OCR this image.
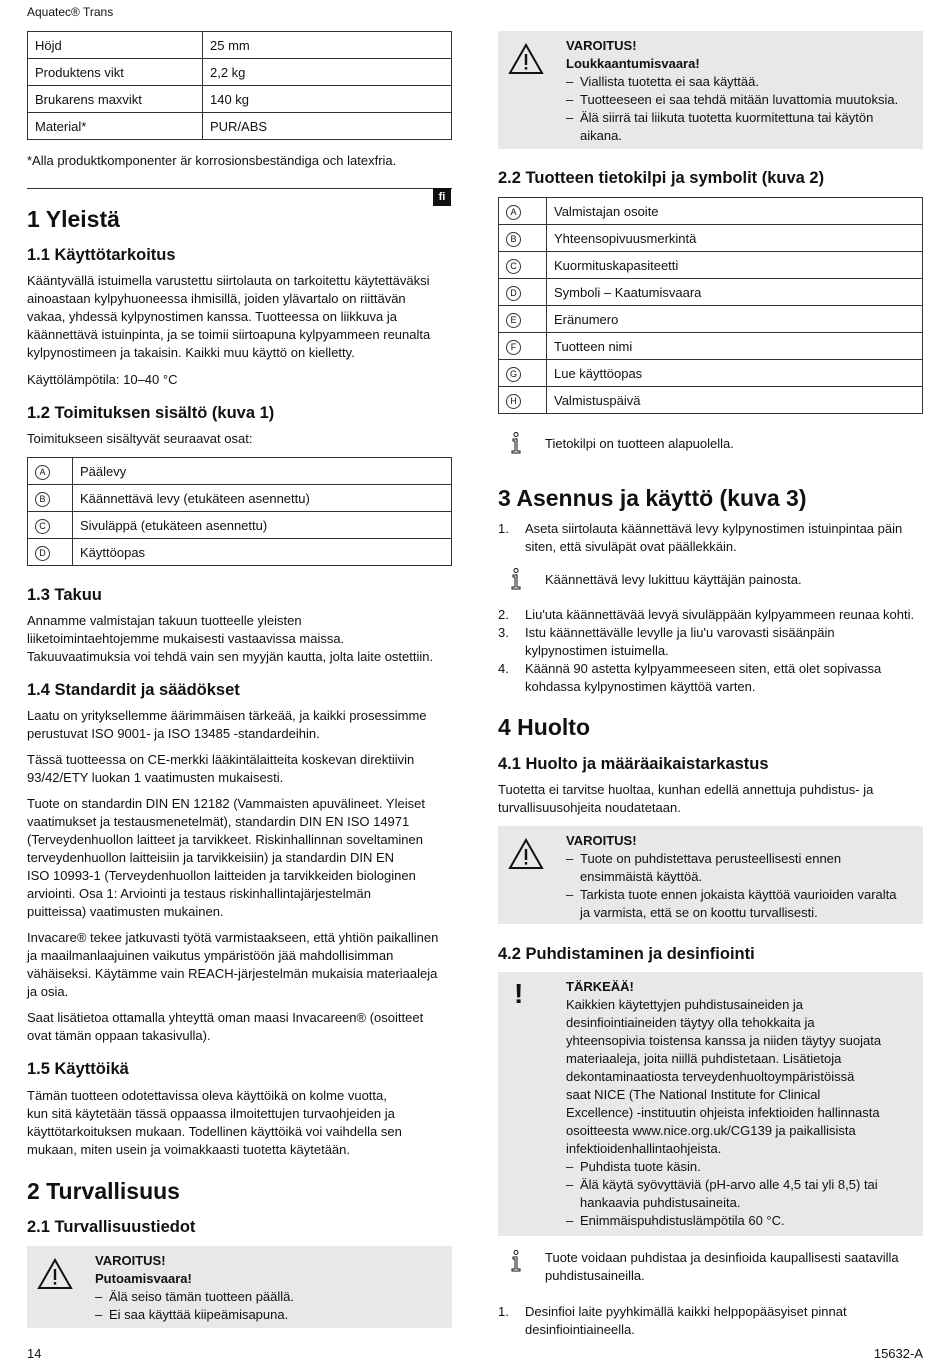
Aquatec® Trans
Höjd	25 mm
Produktens vikt	2,2 kg
Brukarens maxvikt	140 kg
Material*	PUR/ABS

*Alla produktkomponenter är korrosionsbeständiga och latexfria.

fi
1 Yleistä
1.1 Käyttötarkoitus

Kääntyvällä istuimella varustettu siirtolauta on tarkoitettu käytettäväksi

ainoastaan kylpyhuoneessa ihmisillä, joiden ylävartalo on riittävän

vakaa, yhdessä kylpynostimen kanssa. Tuotteessa on liikkuva ja

käännettävä istuinpinta, ja se toimii siirtoapuna kylpyammeen reunalta

kylpynostimeen ja takaisin. Kaikki muu käyttö on kielletty.

Käyttölämpötila: 10–40 °C

1.2 Toimituksen sisältö (kuva 1)

Toimitukseen sisältyvät seuraavat osat:

A	Päälevy
B	Käännettävä levy (etukäteen asennettu)
C	Sivuläppä (etukäteen asennettu)
D	Käyttöopas
1.3 Takuu

Annamme valmistajan takuun tuotteelle yleisten

liiketoimintaehtojemme mukaisesti vastaavissa maissa.

Takuuvaatimuksia voi tehdä vain sen myyjän kautta, jolta laite ostettiin.

1.4 Standardit ja säädökset

Laatu on yrityksellemme äärimmäisen tärkeää, ja kaikki prosessimme

perustuvat ISO 9001- ja ISO 13485 -standardeihin.

Tässä tuotteessa on CE-merkki lääkintälaitteita koskevan direktiivin

93/42/ETY luokan 1 vaatimusten mukaisesti.

Tuote on standardin DIN EN 12182 (Vammaisten apuvälineet. Yleiset

vaatimukset ja testausmenetelmät), standardin DIN EN ISO 14971

(Terveydenhuollon laitteet ja tarvikkeet. Riskinhallinnan soveltaminen

terveydenhuollon laitteisiin ja tarvikkeisiin) ja standardin DIN EN

ISO 10993-1 (Terveydenhuollon laitteiden ja tarvikkeiden biologinen

arviointi. Osa 1: Arviointi ja testaus riskinhallintajärjestelmän

puitteissa) vaatimusten mukainen.

Invacare® tekee jatkuvasti työtä varmistaakseen, että yhtiön paikallinen

ja maailmanlaajuinen vaikutus ympäristöön jää mahdollisimman

vähäiseksi. Käytämme vain REACH-järjestelmän mukaisia materiaaleja

ja osia.

Saat lisätietoa ottamalla yhteyttä oman maasi Invacareen® (osoitteet

ovat tämän oppaan takasivulla).

1.5 Käyttöikä

Tämän tuotteen odotettavissa oleva käyttöikä on kolme vuotta,

kun sitä käytetään tässä oppaassa ilmoitettujen turvaohjeiden ja

käyttötarkoituksen mukaan. Todellinen käyttöikä voi vaihdella sen

mukaan, miten usein ja voimakkaasti tuotetta käytetään.

2 Turvallisuus
2.1 Turvallisuustiedot
VAROITUS!
Putoamisvaara!
– Älä seiso tämän tuotteen päällä.
– Ei saa käyttää kiipeämisapuna.
VAROITUS!
Loukkaantumisvaara!
– Viallista tuotetta ei saa käyttää.
– Tuotteeseen ei saa tehdä mitään luvattomia muutoksia.
– Älä siirrä tai liikuta tuotetta kuormitettuna tai käytön
aikana.
2.2 Tuotteen tietokilpi ja symbolit (kuva 2)
A	Valmistajan osoite
B	Yhteensopivuusmerkintä
C	Kuormituskapasiteetti
D	Symboli – Kaatumisvaara
E	Eränumero
F	Tuotteen nimi
G	Lue käyttöopas
H	Valmistuspäivä
Tietokilpi on tuotteen alapuolella.
3 Asennus ja käyttö (kuva 3)
1. Aseta siirtolauta käännettävä levy kylpynostimen istuinpintaa päin
siten, että sivuläpät ovat päällekkäin.
Käännettävä levy lukittuu käyttäjän painosta.
2. Liu'uta käännettävää levyä sivuläppään kylpyammeen reunaa kohti.
3. Istu käännettävälle levylle ja liu'u varovasti sisäänpäin
kylpynostimen istuimella.
4. Käännä 90 astetta kylpyammeeseen siten, että olet sopivassa
kohdassa kylpynostimen käyttöä varten.
4 Huolto
4.1 Huolto ja määräaikaistarkastus

Tuotetta ei tarvitse huoltaa, kunhan edellä annettuja puhdistus- ja

turvallisuusohjeita noudatetaan.

VAROITUS!
– Tuote on puhdistettava perusteellisesti ennen
ensimmäistä käyttöä.
– Tarkista tuote ennen jokaista käyttöä vaurioiden varalta
ja varmista, että se on koottu turvallisesti.
4.2 Puhdistaminen ja desinfiointi
!	TÄRKEÄÄ!
Kaikkien käytettyjen puhdistusaineiden ja
desinfiointiaineiden täytyy olla tehokkaita ja
yhteensopivia toistensa kanssa ja niiden täytyy suojata
materiaaleja, joita niillä puhdistetaan. Lisätietoja
dekontaminaatiosta terveydenhuoltoympäristöissä
saat NICE (The National Institute for Clinical
Excellence) -instituutin ohjeista infektioiden hallinnasta
osoitteesta www.nice.org.uk/CG139 ja paikallisista
infektioidenhallintaohjeista.
– Puhdista tuote käsin.
– Älä käytä syövyttäviä (pH-arvo alle 4,5 tai yli 8,5) tai
hankaavia puhdistusaineita.
– Enimmäispuhdistuslämpötila 60 °C.
Tuote voidaan puhdistaa ja desinfioida kaupallisesti saatavilla
puhdistusaineilla.
1. Desinfioi laite pyyhkimällä kaikki helppopääsyiset pinnat
desinfiointiaineella.
14	15632-A
